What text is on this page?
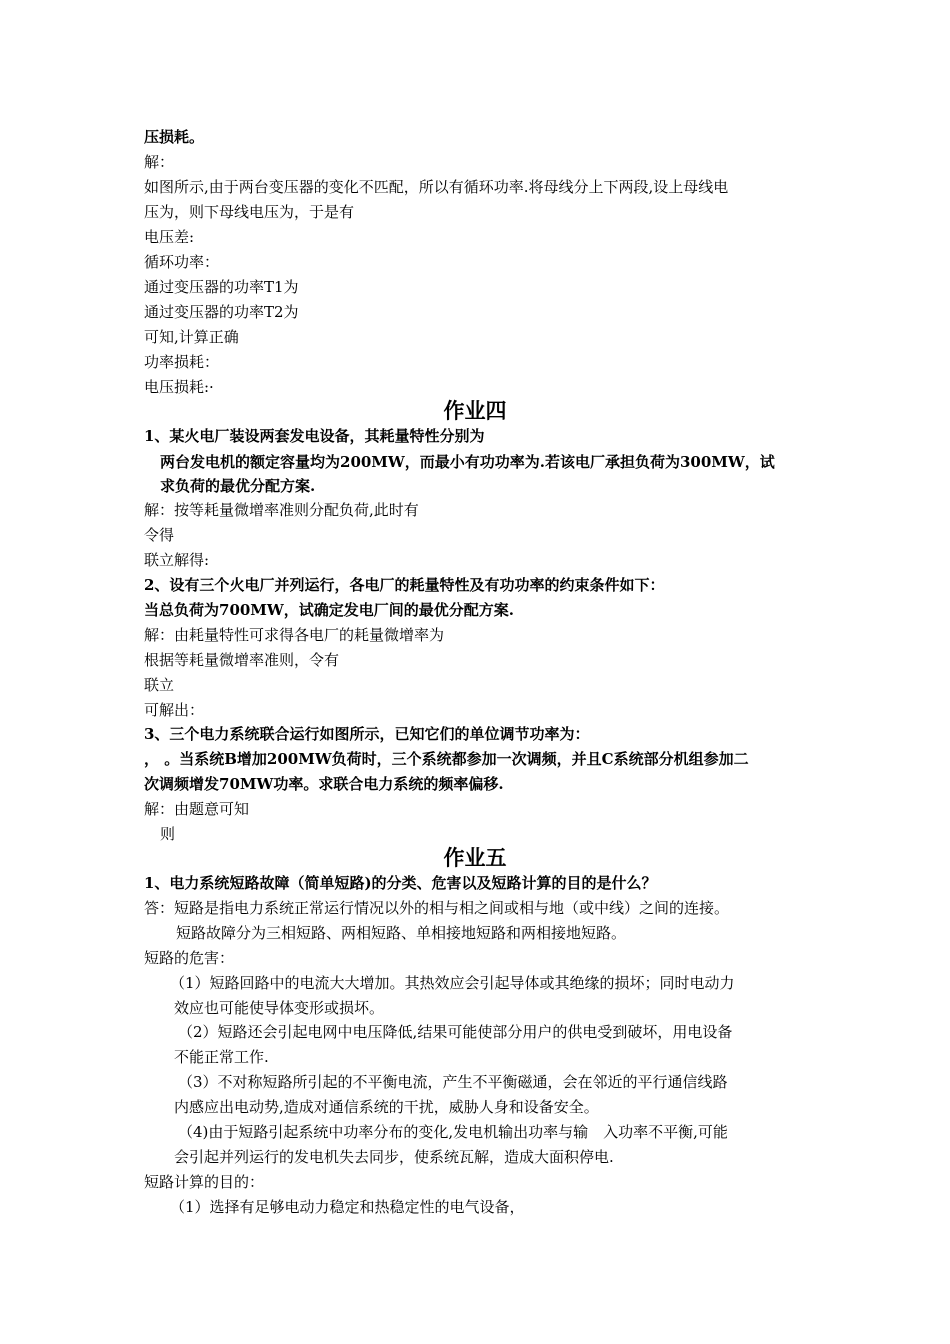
压损耗。
解：
如图所示,由于两台变压器的变化不匹配，所以有循环功率.将母线分上下两段,设上母线电
压为，则下母线电压为，于是有
电压差:
循环功率：
通过变压器的功率T1为
通过变压器的功率T2为
可知,计算正确
功率损耗：
电压损耗:·
作业四
1、某火电厂装设两套发电设备，其耗量特性分别为
两台发电机的额定容量均为200MW，而最小有功功率为.若该电厂承担负荷为300MW，试
求负荷的最优分配方案.
解：按等耗量微增率准则分配负荷,此时有
令得
联立解得:
2、设有三个火电厂并列运行，各电厂的耗量特性及有功功率的约束条件如下：
当总负荷为700MW，试确定发电厂间的最优分配方案.
解：由耗量特性可求得各电厂的耗量微增率为
根据等耗量微增率准则，令有
联立
可解出：
3、三个电力系统联合运行如图所示，已知它们的单位调节功率为：
， 。当系统B增加200MW负荷时，三个系统都参加一次调频，并且C系统部分机组参加二
次调频增发70MW功率。求联合电力系统的频率偏移.
解：由题意可知
则
作业五
1、电力系统短路故障（简单短路)的分类、危害以及短路计算的目的是什么？
答：短路是指电力系统正常运行情况以外的相与相之间或相与地（或中线）之间的连接。
短路故障分为三相短路、两相短路、单相接地短路和两相接地短路。
短路的危害：
（1）短路回路中的电流大大增加。其热效应会引起导体或其绝缘的损坏；同时电动力
效应也可能使导体变形或损坏。
（2）短路还会引起电网中电压降低,结果可能使部分用户的供电受到破坏，用电设备
不能正常工作.
（3）不对称短路所引起的不平衡电流，产生不平衡磁通，会在邻近的平行通信线路
内感应出电动势,造成对通信系统的干扰，威胁人身和设备安全。
（4)由于短路引起系统中功率分布的变化,发电机输出功率与输　入功率不平衡,可能
会引起并列运行的发电机失去同步，使系统瓦解，造成大面积停电.
短路计算的目的：
（1）选择有足够电动力稳定和热稳定性的电气设备，
